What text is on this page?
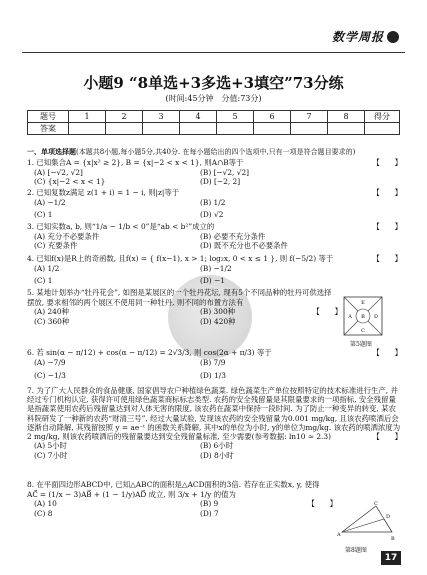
数学周报
小题9 “8单选+3多选+3填空”73分练
(时间:45分钟　分值:73分)
题号	1	2	3	4	5	6	7	8	得分
答案									
一、单项选择题(本题共8小题,每小题5分,共40分. 在每小题给出的四个选项中,只有一项是符合题目要求的)
1. 已知集合A = {x|x² ≥ 2}, B = {x|−2 < x < 1}, 则A∩B等于	【　　】
(A) [−√2, √2]	(B) [−√2, √2]
(C) {x|−2 < x < 1}	(D) [−2, 2]
2. 已知复数z满足 z(1 + i) = 1 − i, 则|z|等于	【　　】
(A) −1/2	(B) 1/2
(C) 1	(D) √2
3. 已知实数a, b, 则“1/a − 1/b < 0”是“ab < b²”成立的	【　　】
(A) 充分不必要条件	(B) 必要不充分条件
(C) 充要条件	(D) 既不充分也不必要条件
4. 已知f(x)是R上的奇函数, 且f(x) = { f(x−1), x > 1; log₂x, 0 < x ≤ 1 }, 则 f(−5/2) 等于	【　　】
(A) 1/2	(B) −1/2
(C) 1	(D) −1
5. 某地计划举办“牡丹花会”, 如图是某展区的一个牡丹花坛, 现有5个不同品种的牡丹可供选择摆放, 要求相邻的两个展区不使用同一种牡丹, 则不同的布置方法有
【　　】
(A) 240种	(B) 300种
(C) 360种	(D) 420种
E
A B D
C
第5题图
6. 若 sin(α − π/12) + cos(α − π/12) = 2√3/3, 则 cos(2α + π/3) 等于	【　　】
(A) −7/9	(B) 7/9
(C) −1/3	(D) 1/3
7. 为了广大人民群众的食品健康, 国家倡导农户种植绿色蔬菜. 绿色蔬菜生产单位按照特定的技术标准进行生产, 并经过专门机构认定, 获得许可使用绿色蔬菜商标标志类型. 农药的安全残留量是其限量要求的一项指标, 安全残留量是指蔬菜使用农药后残留量达到对人体无害的限度, 该农药在蔬菜中保持一段时间. 为了防止一种变异的转变, 某农科院研发了一种新的农药“财清三号”, 经过大量试验, 发现该农药的安全残留量为0.001 mg/kg, 且该农药喷洒后会逐渐自动降解, 其残留按照 y = ae⁻ᵗ 的函数关系降解, 其中x的单位为小时, y的单位为mg/kg. 该农药的喷洒浓度为2 mg/kg, 则该农药喷洒后的残留量要达到安全残留量标准, 至少需要(参考数据: ln10 ≈ 2.3)	【　　】
(A) 5小时	(B) 6小时
(C) 7小时	(D) 8小时
8. 在平面四边形ABCD中, 已知△ABC的面积是△ACD面积的3倍. 若存在正实数x, y, 使得 AC⃗ = (1/x − 3)AB⃗ + (1 − 1/y)AD⃗ 成立, 则 3/x + 1/y 的值为
【　　】
(A) 10	(B) 9
(C) 8	(D) 7
A
C
D
B
第8题图
17
